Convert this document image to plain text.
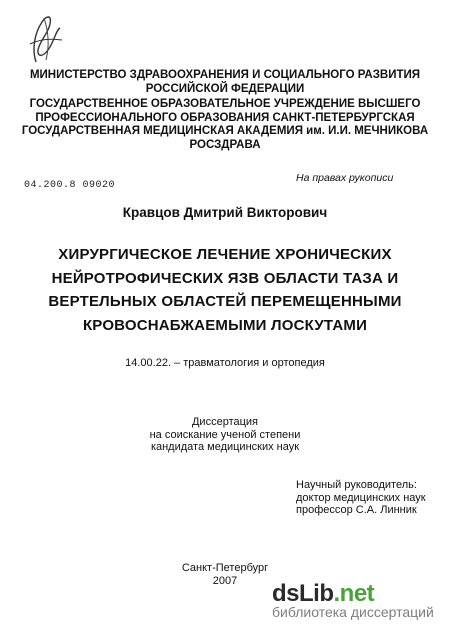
МИНИСТЕРСТВО ЗДРАВООХРАНЕНИЯ И СОЦИАЛЬНОГО РАЗВИТИЯ
РОССИЙСКОЙ ФЕДЕРАЦИИ
ГОСУДАРСТВЕННОЕ ОБРАЗОВАТЕЛЬНОЕ УЧРЕЖДЕНИЕ ВЫСШЕГО
ПРОФЕССИОНАЛЬНОГО ОБРАЗОВАНИЯ САНКТ-ПЕТЕРБУРГСКАЯ
ГОСУДАРСТВЕННАЯ МЕДИЦИНСКАЯ АКАДЕМИЯ им. И.И. МЕЧНИКОВА
РОСЗДРАВА
04.200.8 09020
На правах рукописи
Кравцов Дмитрий Викторович
ХИРУРГИЧЕСКОЕ ЛЕЧЕНИЕ ХРОНИЧЕСКИХ
НЕЙРОТРОФИЧЕСКИХ ЯЗВ ОБЛАСТИ ТАЗА И
ВЕРТЕЛЬНЫХ ОБЛАСТЕЙ ПЕРЕМЕЩЕННЫМИ
КРОВОСНАБЖАЕМЫМИ ЛОСКУТАМИ
14.00.22. – травматология и ортопедия
Диссертация
на соискание ученой степени
кандидата медицинских наук
Научный руководитель:
доктор медицинских наук
профессор С.А. Линник
Санкт-Петербург
2007	dsLib.net
библиотека диссертаций
